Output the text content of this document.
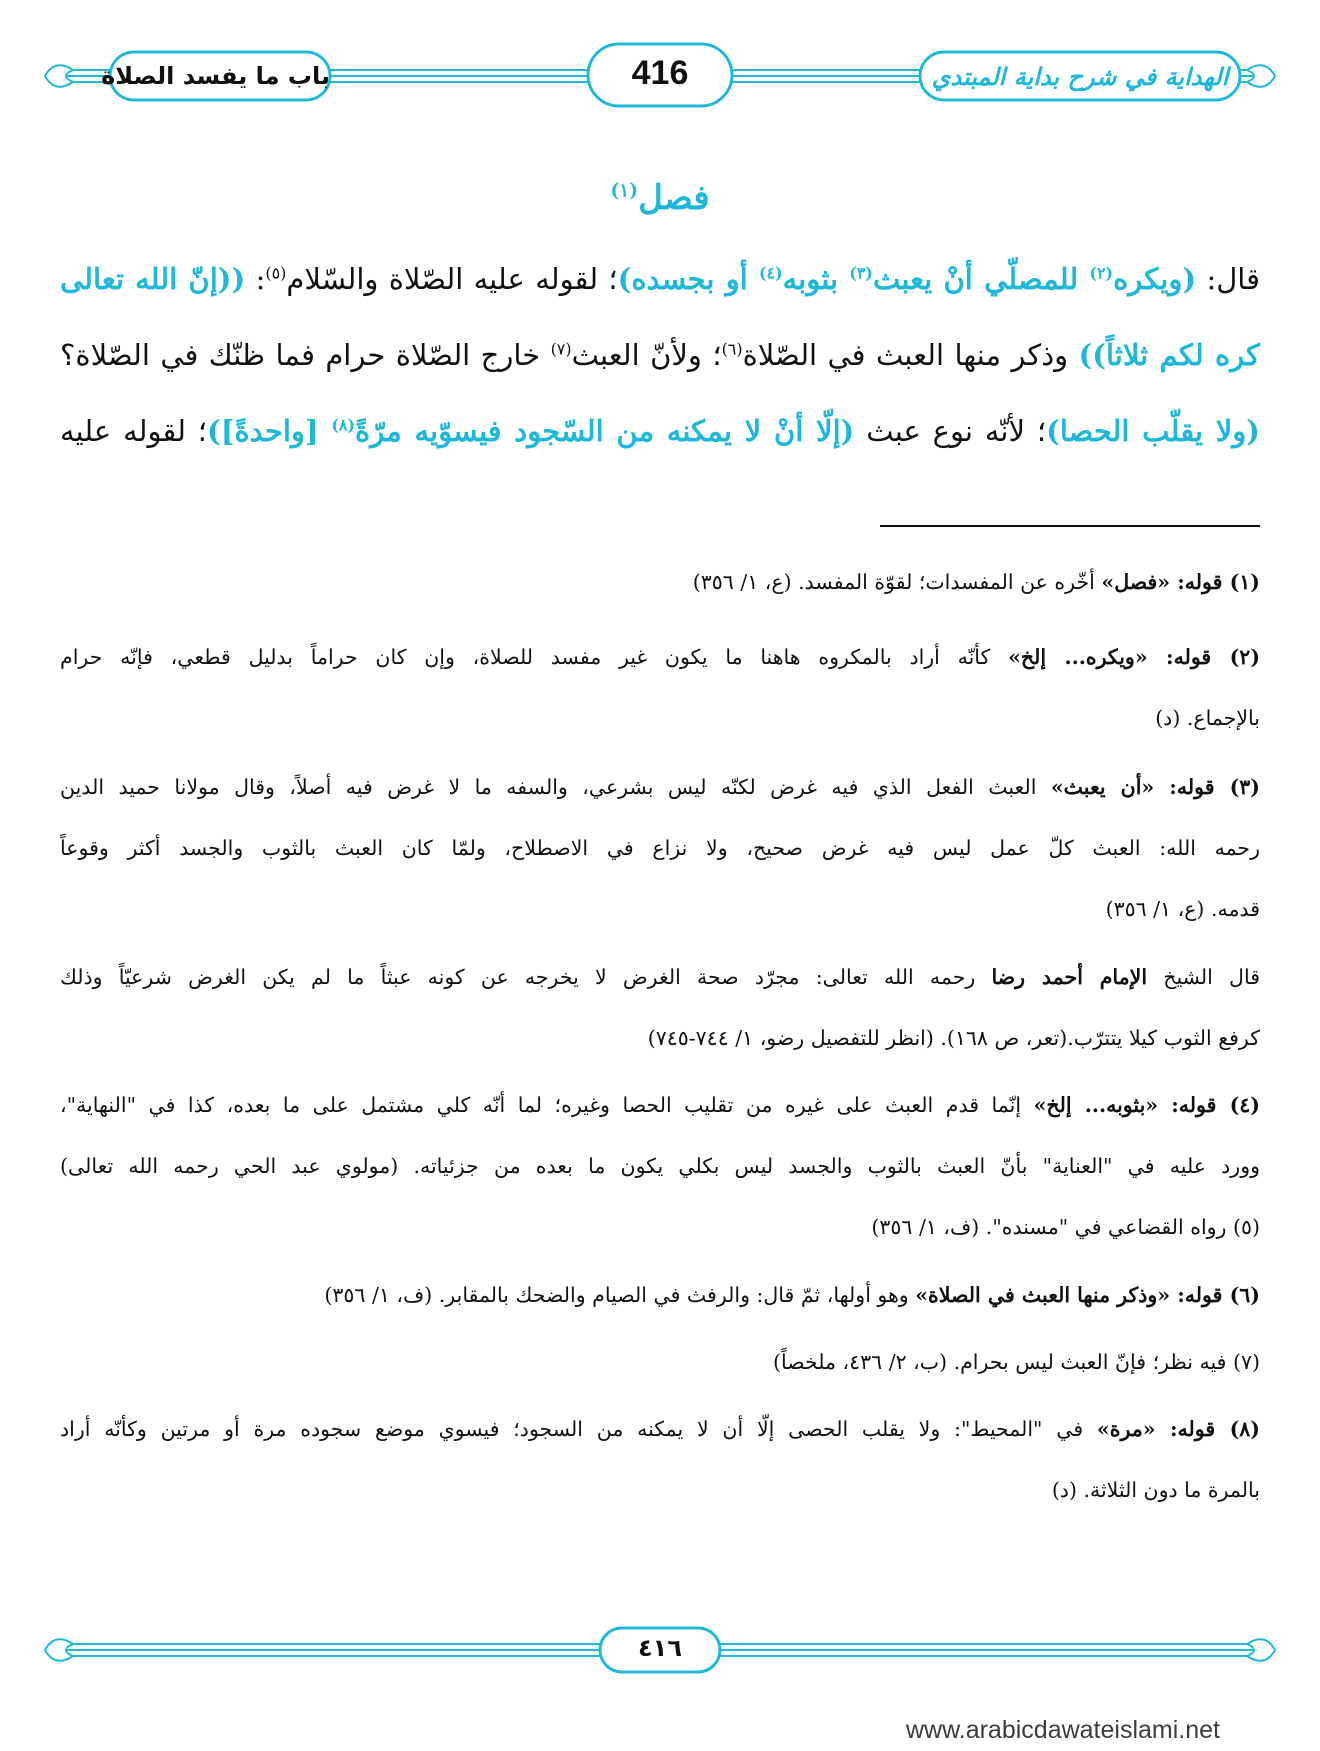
باب ما يفسد الصلاة	416	الهداية في شرح بداية المبتدي
فصل$^{(١)}$
قال: (ويكره$^{(٢)}$ للمصلّي أنْ يعبث$^{(٣)}$ بثوبه$^{(٤)}$ أو بجسده)؛ لقوله عليه الصّلاة والسّلام$^{(٥)}$: ((إنّ الله تعالى
كره لكم ثلاثاً)) وذكر منها العبث في الصّلاة$^{(٦)}$؛ ولأنّ العبث$^{(٧)}$ خارج الصّلاة حرام فما ظنّك في الصّلاة؟
(ولا يقلّب الحصا)؛ لأنّه نوع عبث (إلّا أنْ لا يمكنه من السّجود فيسوّيه مرّةً$^{(٨)}$ [واحدةً])؛ لقوله عليه
(١) قوله: «فصل» أخّره عن المفسدات؛ لقوّة المفسد. (ع، ١/ ٣٥٦)
(٢) قوله: «ويكره... إلخ» كأنّه أراد بالمكروه هاهنا ما يكون غير مفسد للصلاة، وإن كان حراماً بدليل قطعي، فإنّه حرام
بالإجماع. (د)
(٣) قوله: «أن يعبث» العبث الفعل الذي فيه غرض لكنّه ليس بشرعي، والسفه ما لا غرض فيه أصلاً، وقال مولانا حميد الدين
رحمه الله: العبث كلّ عمل ليس فيه غرض صحيح، ولا نزاع في الاصطلاح، ولمّا كان العبث بالثوب والجسد أكثر وقوعاً
قدمه. (ع، ١/ ٣٥٦)
قال الشيخ الإمام أحمد رضا رحمه الله تعالى: مجرّد صحة الغرض لا يخرجه عن كونه عبثاً ما لم يكن الغرض شرعيّاً وذلك
كرفع الثوب كيلا يتترّب.(تعر، ص ١٦٨). (انظر للتفصيل رضو، ١/ ٧٤٤-٧٤٥)
(٤) قوله: «بثوبه... إلخ» إنّما قدم العبث على غيره من تقليب الحصا وغيره؛ لما أنّه كلي مشتمل على ما بعده، كذا في "النهاية"،
وورد عليه في "العناية" بأنّ العبث بالثوب والجسد ليس بكلي يكون ما بعده من جزئياته. (مولوي عبد الحي رحمه الله تعالى)
(٥) رواه القضاعي في "مسنده". (ف، ١/ ٣٥٦)
(٦) قوله: «وذكر منها العبث في الصلاة» وهو أولها، ثمّ قال: والرفث في الصيام والضحك بالمقابر. (ف، ١/ ٣٥٦)
(٧) فيه نظر؛ فإنّ العبث ليس بحرام. (ب، ٢/ ٤٣٦، ملخصاً)
(٨) قوله: «مرة» في "المحيط": ولا يقلب الحصى إلّا أن لا يمكنه من السجود؛ فيسوي موضع سجوده مرة أو مرتين وكأنّه أراد
بالمرة ما دون الثلاثة. (د)
٤١٦
www.arabicdawateislami.net
